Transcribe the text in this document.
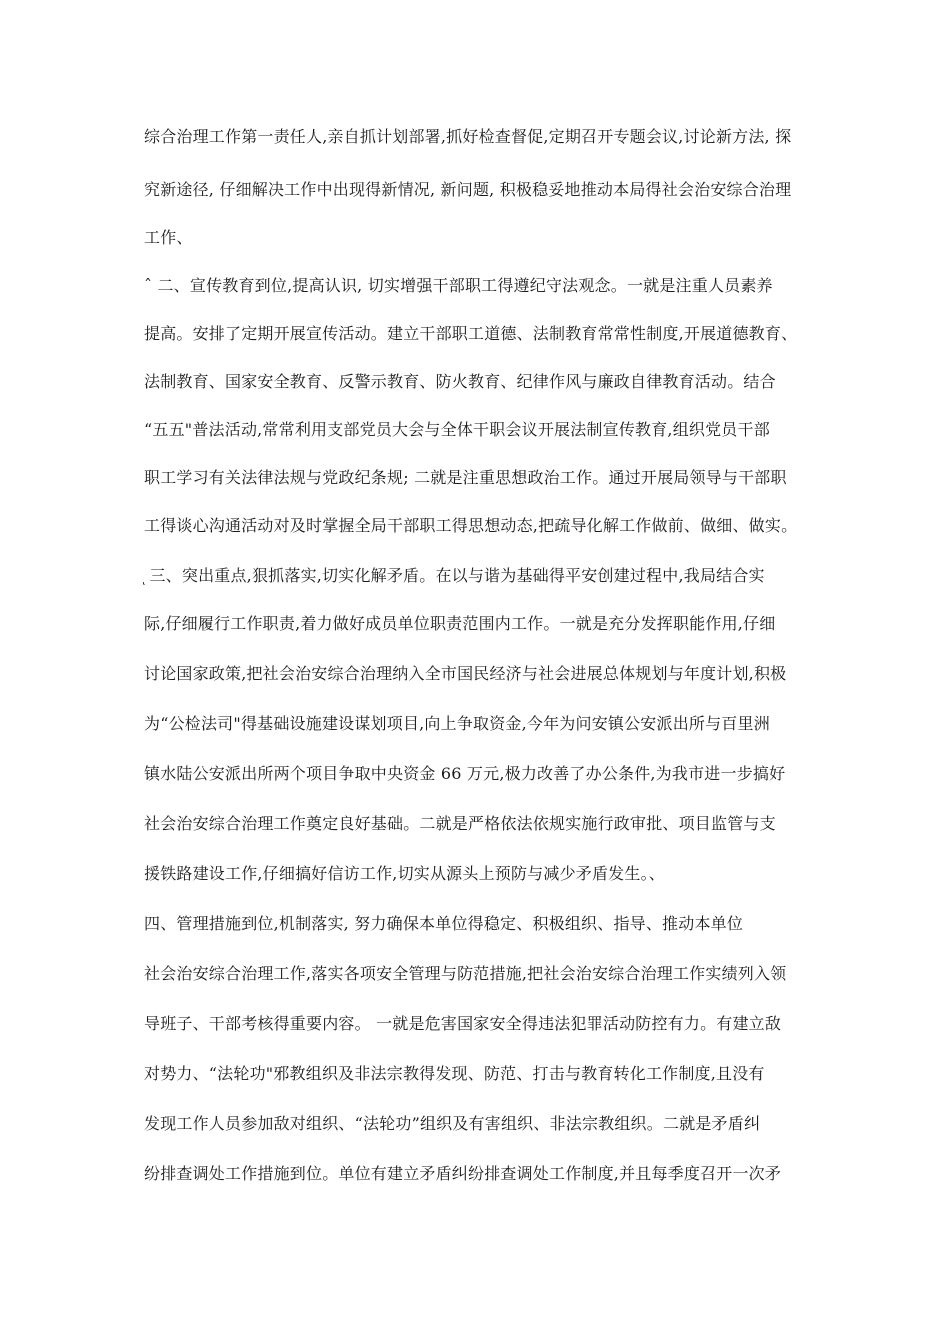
综合治理工作第一责任人,亲自抓计划部署,抓好检查督促,定期召开专题会议,讨论新方法, 探
究新途径, 仔细解决工作中出现得新情况, 新问题, 积极稳妥地推动本局得社会治安综合治理
工作、
ˆ 二、宣传教育到位,提高认识, 切实增强干部职工得遵纪守法观念。一就是注重人员素养
提高。安排了定期开展宣传活动。建立干部职工道德、法制教育常常性制度,开展道德教育、
法制教育、国家安全教育、反警示教育、防火教育、纪律作风与廉政自律教育活动。结合
“五五"普法活动,常常利用支部党员大会与全体干职会议开展法制宣传教育,组织党员干部
职工学习有关法律法规与党政纪条规; 二就是注重思想政治工作。通过开展局领导与干部职
工得谈心沟通活动对及时掌握全局干部职工得思想动态,把疏导化解工作做前、做细、做实。
ͅ 三、突出重点,狠抓落实,切实化解矛盾。在以与谐为基础得平安创建过程中,我局结合实
际,仔细履行工作职责,着力做好成员单位职责范围内工作。一就是充分发挥职能作用,仔细
讨论国家政策,把社会治安综合治理纳入全市国民经济与社会进展总体规划与年度计划,积极
为“公检法司"得基础设施建设谋划项目,向上争取资金,今年为问安镇公安派出所与百里洲
镇水陆公安派出所两个项目争取中央资金 66 万元,极力改善了办公条件,为我市进一步搞好
社会治安综合治理工作奠定良好基础。二就是严格依法依规实施行政审批、项目监管与支
援铁路建设工作,仔细搞好信访工作,切实从源头上预防与减少矛盾发生。、
四、管理措施到位,机制落实, 努力确保本单位得稳定、积极组织、指导、推动本单位
社会治安综合治理工作,落实各项安全管理与防范措施,把社会治安综合治理工作实绩列入领
导班子、干部考核得重要内容。 一就是危害国家安全得违法犯罪活动防控有力。有建立敌
对势力、“法轮功"邪教组织及非法宗教得发现、防范、打击与教育转化工作制度,且没有
发现工作人员参加敌对组织、“法轮功”组织及有害组织、非法宗教组织。二就是矛盾纠
纷排查调处工作措施到位。单位有建立矛盾纠纷排查调处工作制度,并且每季度召开一次矛
